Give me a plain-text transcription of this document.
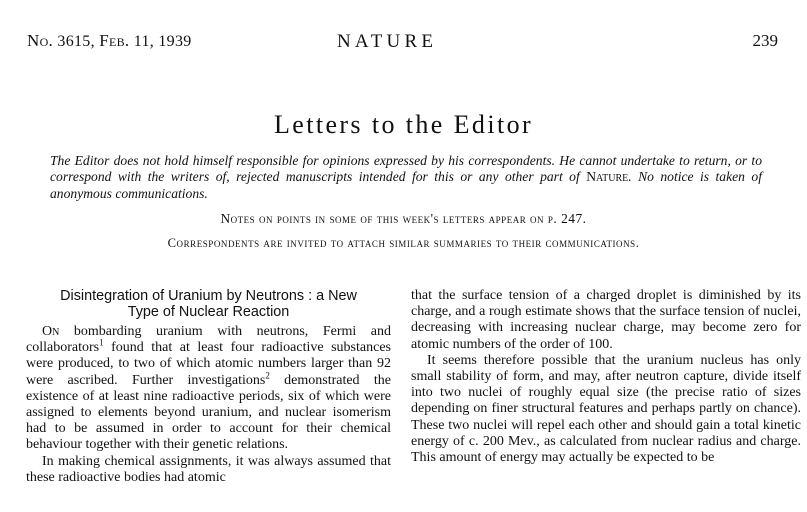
No. 3615, Feb. 11, 1939	NATURE	239
Letters to the Editor
The Editor does not hold himself responsible for opinions expressed by his correspondents. He cannot undertake to return, or to correspond with the writers of, rejected manuscripts intended for this or any other part of Nature. No notice is taken of anonymous communications.
Notes on points in some of this week's letters appear on p. 247.
Correspondents are invited to attach similar summaries to their communications.
Disintegration of Uranium by Neutrons : a New
Type of Nuclear Reaction

On bombarding uranium with neutrons, Fermi and collaborators$^1$ found that at least four radioactive substances were produced, to two of which atomic numbers larger than 92 were ascribed. Further investigations$^2$ demonstrated the existence of at least nine radioactive periods, six of which were assigned to elements beyond uranium, and nuclear isomerism had to be assumed in order to account for their chemical behaviour together with their genetic relations.

In making chemical assignments, it was always assumed that these radioactive bodies had atomic

that the surface tension of a charged droplet is diminished by its charge, and a rough estimate shows that the surface tension of nuclei, decreasing with increasing nuclear charge, may become zero for atomic numbers of the order of 100.

It seems therefore possible that the uranium nucleus has only small stability of form, and may, after neutron capture, divide itself into two nuclei of roughly equal size (the precise ratio of sizes depending on finer structural features and perhaps partly on chance). These two nuclei will repel each other and should gain a total kinetic energy of c. 200 Mev., as calculated from nuclear radius and charge. This amount of energy may actually be expected to be
